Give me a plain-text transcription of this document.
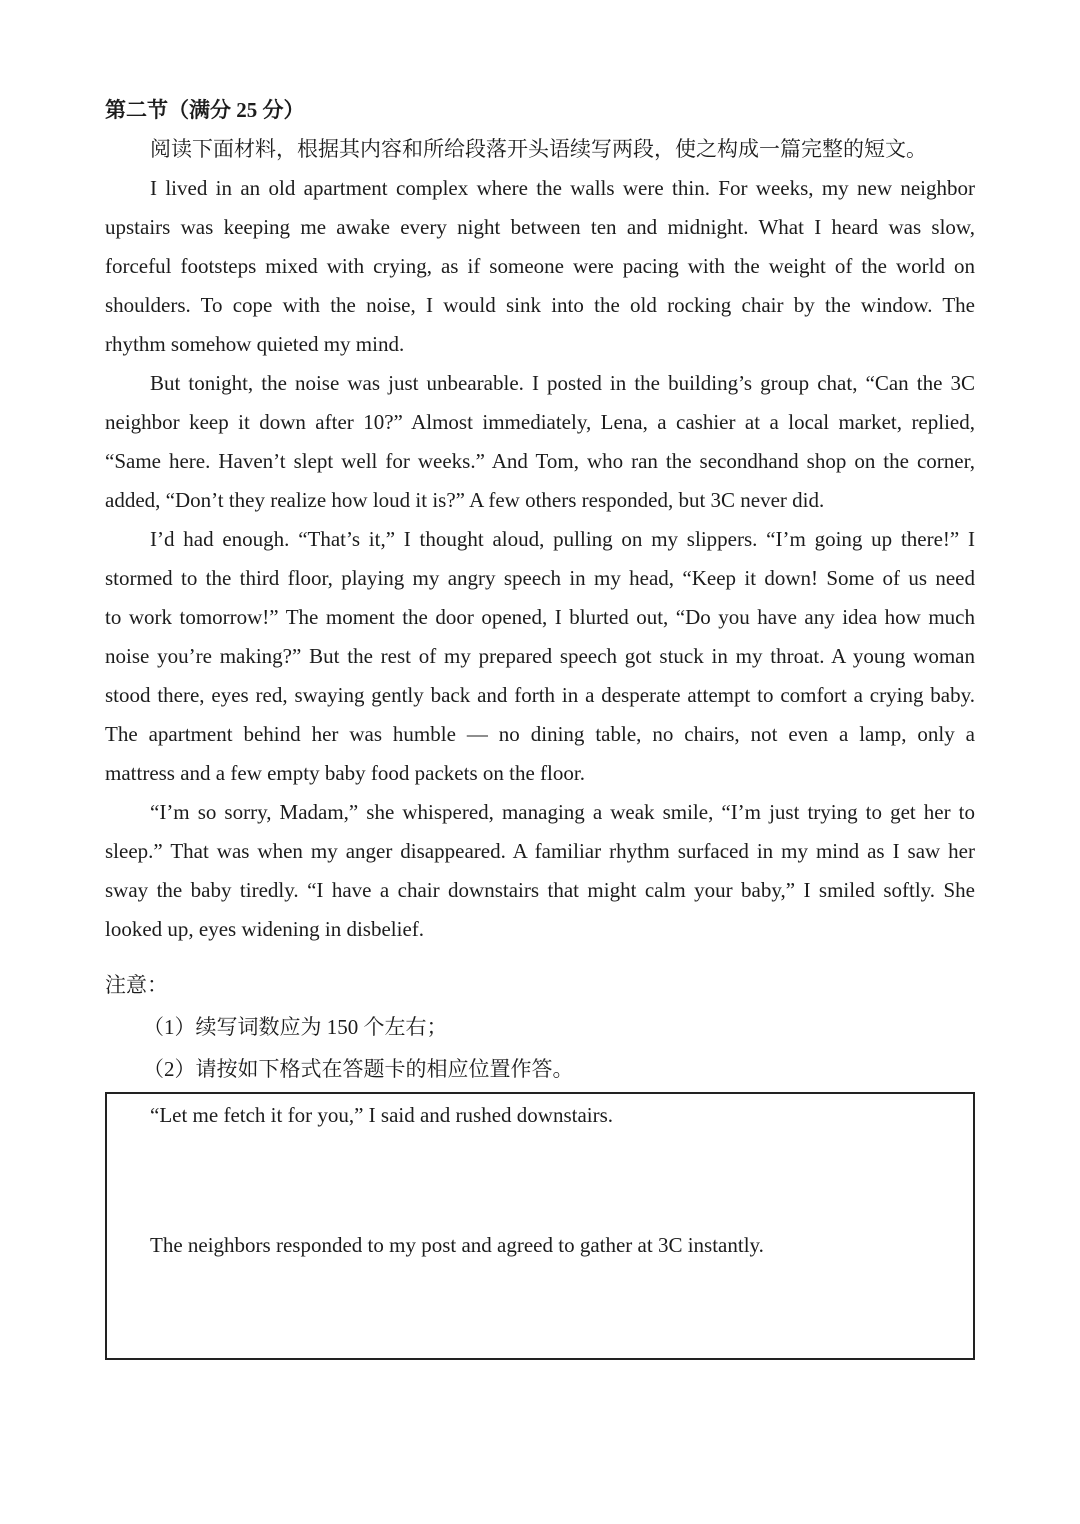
第二节（满分 25 分）
阅读下面材料，根据其内容和所给段落开头语续写两段，使之构成一篇完整的短文。
I lived in an old apartment complex where the walls were thin. For weeks, my new neighbor
upstairs was keeping me awake every night between ten and midnight. What I heard was slow,
forceful footsteps mixed with crying, as if someone were pacing with the weight of the world on
shoulders. To cope with the noise, I would sink into the old rocking chair by the window. The
rhythm somehow quieted my mind.
But tonight, the noise was just unbearable. I posted in the building’s group chat, “Can the 3C
neighbor keep it down after 10?” Almost immediately, Lena, a cashier at a local market, replied,
“Same here. Haven’t slept well for weeks.” And Tom, who ran the secondhand shop on the corner,
added, “Don’t they realize how loud it is?” A few others responded, but 3C never did.
I’d had enough. “That’s it,” I thought aloud, pulling on my slippers. “I’m going up there!” I
stormed to the third floor, playing my angry speech in my head, “Keep it down! Some of us need
to work tomorrow!” The moment the door opened, I blurted out, “Do you have any idea how much
noise you’re making?” But the rest of my prepared speech got stuck in my throat. A young woman
stood there, eyes red, swaying gently back and forth in a desperate attempt to comfort a crying baby.
The apartment behind her was humble — no dining table, no chairs, not even a lamp, only a
mattress and a few empty baby food packets on the floor.
“I’m so sorry, Madam,” she whispered, managing a weak smile, “I’m just trying to get her to
sleep.” That was when my anger disappeared. A familiar rhythm surfaced in my mind as I saw her
sway the baby tiredly. “I have a chair downstairs that might calm your baby,” I smiled softly. She
looked up, eyes widening in disbelief.
注意：
（1）续写词数应为 150 个左右；
（2）请按如下格式在答题卡的相应位置作答。
“Let me fetch it for you,” I said and rushed downstairs.
The neighbors responded to my post and agreed to gather at 3C instantly.
